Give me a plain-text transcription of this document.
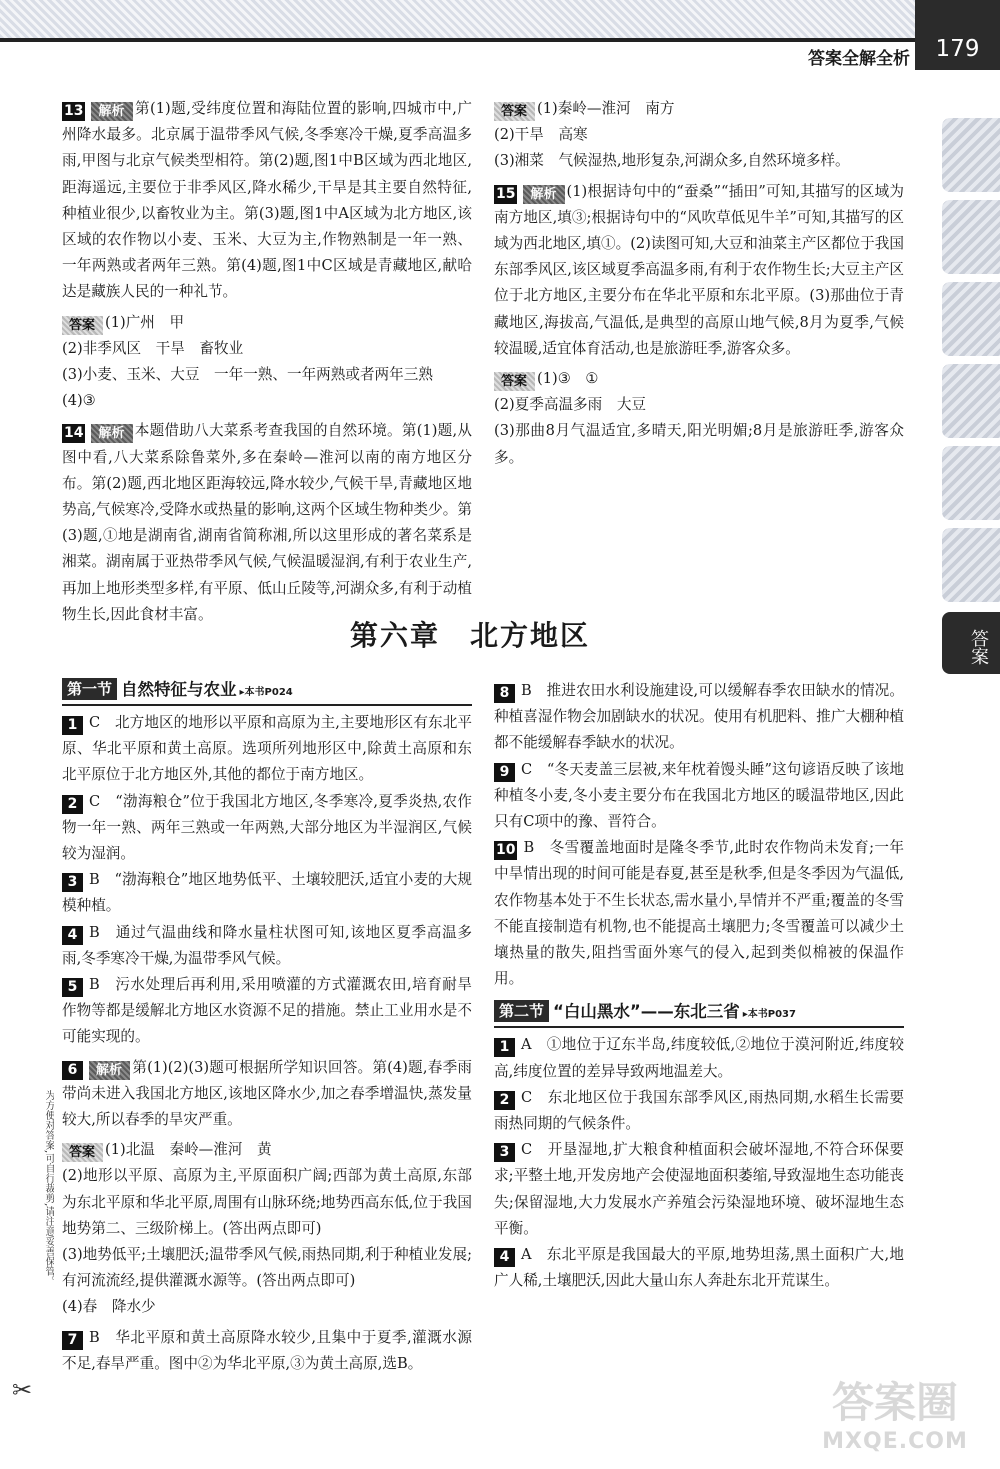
答案全解全析	179
答案

13 解析 第(1)题,受纬度位置和海陆位置的影响,四城市中,广州降水最多。北京属于温带季风气候,冬季寒冷干燥,夏季高温多雨,甲图与北京气候类型相符。第(2)题,图1中B区域为西北地区,距海遥远,主要位于非季风区,降水稀少,干旱是其主要自然特征,种植业很少,以畜牧业为主。第(3)题,图1中A区域为北方地区,该区域的农作物以小麦、玉米、大豆为主,作物熟制是一年一熟、一年两熟或者两年三熟。第(4)题,图1中C区域是青藏地区,献哈达是藏族人民的一种礼节。

答案 (1)广州　甲

(2)非季风区　干旱　畜牧业

(3)小麦、玉米、大豆　一年一熟、一年两熟或者两年三熟

(4)③

14 解析 本题借助八大菜系考查我国的自然环境。第(1)题,从图中看,八大菜系除鲁菜外,多在秦岭—淮河以南的南方地区分布。第(2)题,西北地区距海较远,降水较少,气候干旱,青藏地区地势高,气候寒冷,受降水或热量的影响,这两个区域生物种类少。第(3)题,①地是湖南省,湖南省简称湘,所以这里形成的著名菜系是湘菜。湖南属于亚热带季风气候,气候温暖湿润,有利于农业生产,再加上地形类型多样,有平原、低山丘陵等,河湖众多,有利于动植物生长,因此食材丰富。

答案 (1)秦岭—淮河　南方

(2)干旱　高寒

(3)湘菜　气候湿热,地形复杂,河湖众多,自然环境多样。

15 解析 (1)根据诗句中的“蚕桑”“插田”可知,其描写的区域为南方地区,填③;根据诗句中的“风吹草低见牛羊”可知,其描写的区域为西北地区,填①。(2)读图可知,大豆和油菜主产区都位于我国东部季风区,该区域夏季高温多雨,有利于农作物生长;大豆主产区位于北方地区,主要分布在华北平原和东北平原。(3)那曲位于青藏地区,海拔高,气温低,是典型的高原山地气候,8月为夏季,气候较温暖,适宜体育活动,也是旅游旺季,游客众多。

答案 (1)③　①

(2)夏季高温多雨　大豆

(3)那曲8月气温适宜,多晴天,阳光明媚;8月是旅游旺季,游客众多。

第六章　北方地区
第一节 自然特征与农业 ▸本书P024

1 C　 北方地区的地形以平原和高原为主,主要地形区有东北平原、华北平原和黄土高原。选项所列地形区中,除黄土高原和东北平原位于北方地区外,其他的都位于南方地区。

2 C　 “渤海粮仓”位于我国北方地区,冬季寒冷,夏季炎热,农作物一年一熟、两年三熟或一年两熟,大部分地区为半湿润区,气候较为湿润。

3 B　 “渤海粮仓”地区地势低平、土壤较肥沃,适宜小麦的大规模种植。

4 B　 通过气温曲线和降水量柱状图可知,该地区夏季高温多雨,冬季寒冷干燥,为温带季风气候。

5 B　 污水处理后再利用,采用喷灌的方式灌溉农田,培育耐旱作物等都是缓解北方地区水资源不足的措施。禁止工业用水是不可能实现的。

6 解析 第(1)(2)(3)题可根据所学知识回答。第(4)题,春季雨带尚未进入我国北方地区,该地区降水少,加之春季增温快,蒸发量较大,所以春季的旱灾严重。

答案 (1)北温　秦岭—淮河　黄

(2)地形以平原、高原为主,平原面积广阔;西部为黄土高原,东部为东北平原和华北平原,周围有山脉环绕;地势西高东低,位于我国地势第二、三级阶梯上。(答出两点即可)

(3)地势低平;土壤肥沃;温带季风气候,雨热同期,利于种植业发展;有河流流经,提供灌溉水源等。(答出两点即可)

(4)春　降水少

7 B　 华北平原和黄土高原降水较少,且集中于夏季,灌溉水源不足,春旱严重。图中②为华北平原,③为黄土高原,选B。

8 B　 推进农田水利设施建设,可以缓解春季农田缺水的情况。种植喜湿作物会加剧缺水的状况。使用有机肥料、推广大棚种植都不能缓解春季缺水的状况。

9 C　 “冬天麦盖三层被,来年枕着馒头睡”这句谚语反映了该地种植冬小麦,冬小麦主要分布在我国北方地区的暖温带地区,因此只有C项中的豫、晋符合。

10 B　 冬雪覆盖地面时是隆冬季节,此时农作物尚未发育;一年中旱情出现的时间可能是春夏,甚至是秋季,但是冬季因为气温低,农作物基本处于不生长状态,需水量小,旱情并不严重;覆盖的冬雪不能直接制造有机物,也不能提高土壤肥力;冬雪覆盖可以减少土壤热量的散失,阻挡雪面外寒气的侵入,起到类似棉被的保温作用。

第二节 “白山黑水”——东北三省 ▸本书P037

1 A　 ①地位于辽东半岛,纬度较低,②地位于漠河附近,纬度较高,纬度位置的差异导致两地温差大。

2 C　 东北地区位于我国东部季风区,雨热同期,水稻生长需要雨热同期的气候条件。

3 C　 开垦湿地,扩大粮食种植面积会破坏湿地,不符合环保要求;平整土地,开发房地产会使湿地面积萎缩,导致湿地生态功能丧失;保留湿地,大力发展水产养殖会污染湿地环境、破坏湿地生态平衡。

4 A　 东北平原是我国最大的平原,地势坦荡,黑土面积广大,地广人稀,土壤肥沃,因此大量山东人奔赴东北开荒谋生。

为方便对答案,可自行裁剪,请注意妥善保管。
✂	答案圈
MXQE.COM
